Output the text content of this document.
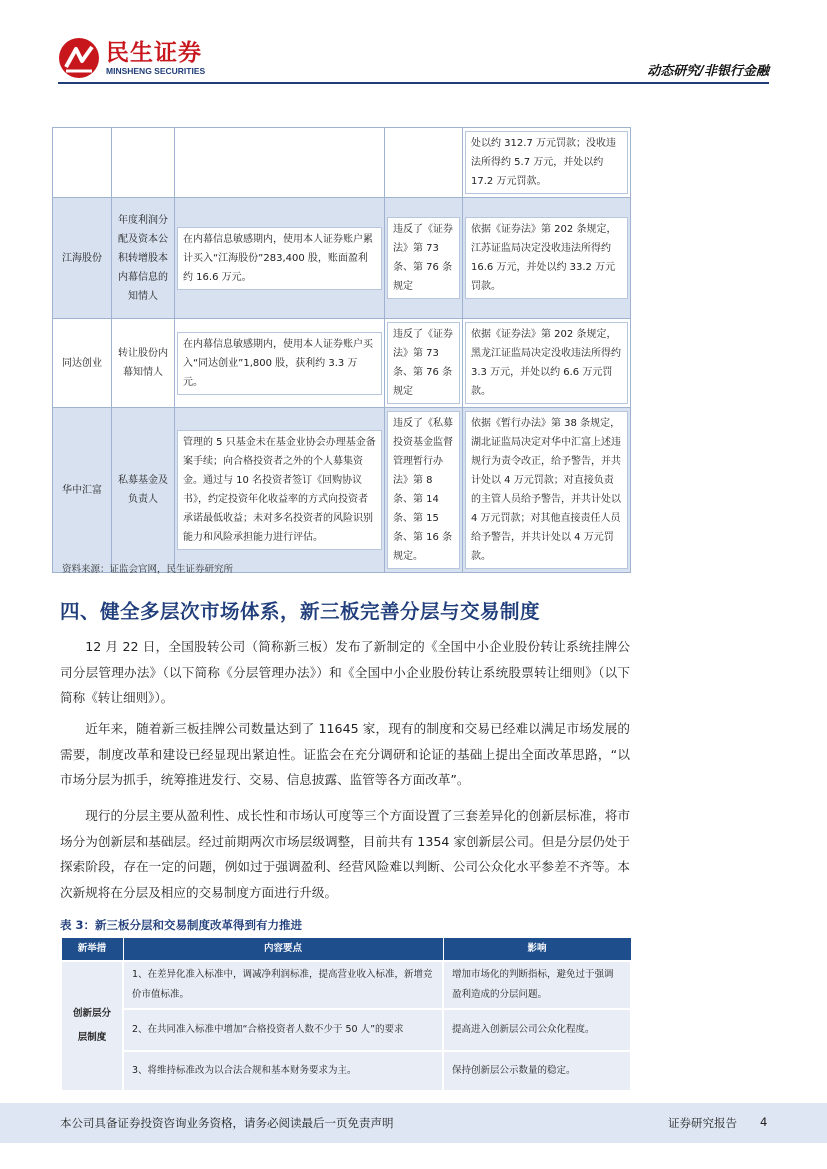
民生证券
MINSHENG SECURITIES	动态研究/非银行金融

				处以约 312.7 万元罚款；没收违法所得约 5.7 万元，并处以约 17.2 万元罚款。

江海股份	年度利润分配及资本公积转增股本内幕信息的知情人	在内幕信息敏感期内，使用本人证券账户累计买入“江海股份”283,400 股，账面盈利约 16.6 万元。	违反了《证券法》第 73 条、第 76 条规定	依据《证券法》第 202 条规定，江苏证监局决定没收违法所得约 16.6 万元，并处以约 33.2 万元罚款。

同达创业	转让股份内幕知情人	在内幕信息敏感期内，使用本人证券账户买入“同达创业”1,800 股，获利约 3.3 万元。	违反了《证券法》第 73 条、第 76 条规定	依据《证券法》第 202 条规定，黑龙江证监局决定没收违法所得约 3.3 万元，并处以约 6.6 万元罚款。

华中汇富	私募基金及负责人	管理的 5 只基金未在基金业协会办理基金备案手续；向合格投资者之外的个人募集资金。通过与 10 名投资者签订《回购协议书》，约定投资年化收益率的方式向投资者承诺最低收益；未对多名投资者的风险识别能力和风险承担能力进行评估。	违反了《私募投资基金监督管理暂行办法》第 8 条、第 14 条、第 15 条、第 16 条规定。	依据《暂行办法》第 38 条规定，湖北证监局决定对华中汇富上述违规行为责令改正，给予警告，并共计处以 4 万元罚款；对直接负责的主管人员给予警告，并共计处以 4 万元罚款；对其他直接责任人员给予警告，并共计处以 4 万元罚款。
资料来源：证监会官网，民生证券研究所
四、健全多层次市场体系，新三板完善分层与交易制度
12 月 22 日，全国股转公司（简称新三板）发布了新制定的《全国中小企业股份转让系统挂牌公司分层管理办法》（以下简称《分层管理办法》）和《全国中小企业股份转让系统股票转让细则》（以下简称《转让细则》）。
近年来，随着新三板挂牌公司数量达到了 11645 家，现有的制度和交易已经难以满足市场发展的需要，制度改革和建设已经显现出紧迫性。证监会在充分调研和论证的基础上提出全面改革思路，“以市场分层为抓手，统筹推进发行、交易、信息披露、监管等各方面改革”。
现行的分层主要从盈利性、成长性和市场认可度等三个方面设置了三套差异化的创新层标准，将市场分为创新层和基础层。经过前期两次市场层级调整，目前共有 1354 家创新层公司。但是分层仍处于探索阶段，存在一定的问题，例如过于强调盈利、经营风险难以判断、公司公众化水平参差不齐等。本次新规将在分层及相应的交易制度方面进行升级。
表 3：新三板分层和交易制度改革得到有力推进
新举措	内容要点	影响
创新层分层制度	1、在差异化准入标准中，调减净利润标准，提高营业收入标准，新增竞价市值标准。	增加市场化的判断指标，避免过于强调盈利造成的分层问题。
	2、在共同准入标准中增加“合格投资者人数不少于 50 人”的要求	提高进入创新层公司公众化程度。
	3、将维持标准改为以合法合规和基本财务要求为主。	保持创新层公示数量的稳定。
本公司具备证券投资咨询业务资格，请务必阅读最后一页免责声明	证券研究报告 4
